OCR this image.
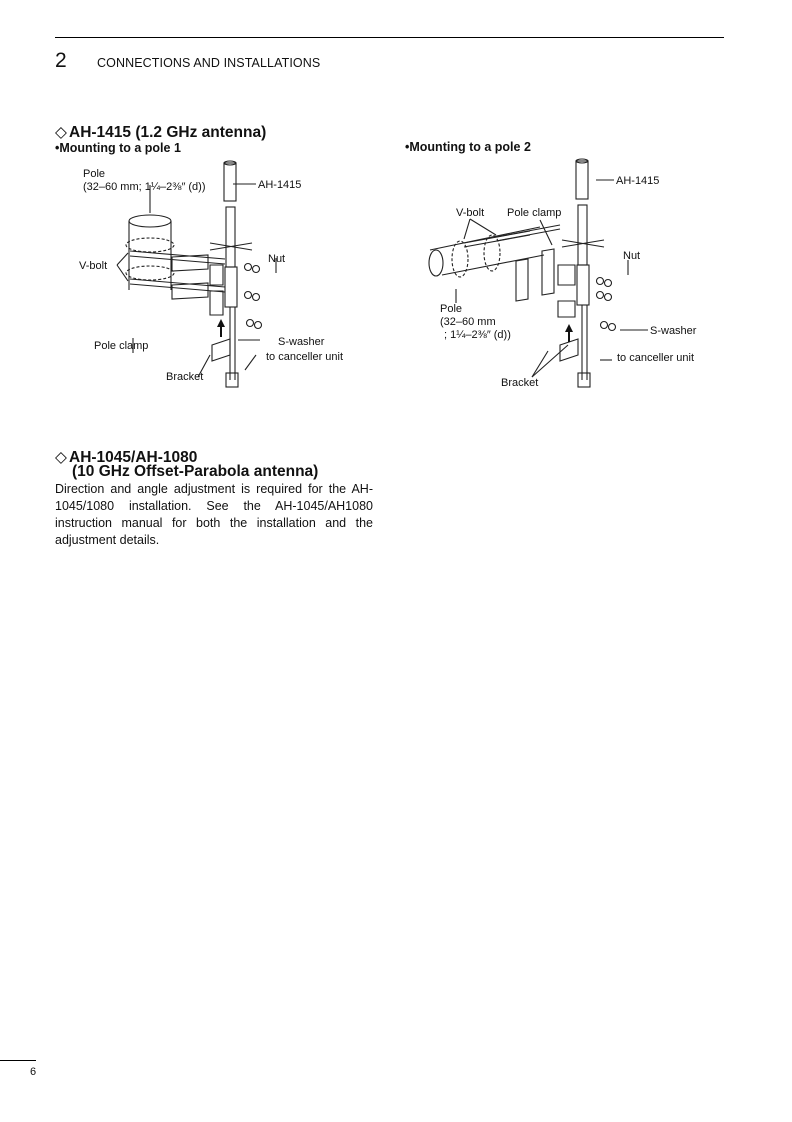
2 CONNECTIONS AND INSTALLATIONS
◇ AH-1415 (1.2 GHz antenna)
•Mounting to a pole 1	•Mounting to a pole 2
Pole
(32–60 mm; 1¼–2⅜″ (d))	AH-1415
V-bolt
Nut
S-washer
Pole clamp
to canceller unit
Bracket
AH-1415
V-bolt Pole clamp
Nut
Pole
(32–60 mm
; 1¼–2⅜″ (d))	S-washer
to canceller unit
Bracket
◇ AH-1045/AH-1080
(10 GHz Offset-Parabola antenna)
Direction and angle adjustment is required for the AH-1045/1080 installation. See the AH-1045/AH1080 instruction manual for both the installation and the adjustment details.
6
